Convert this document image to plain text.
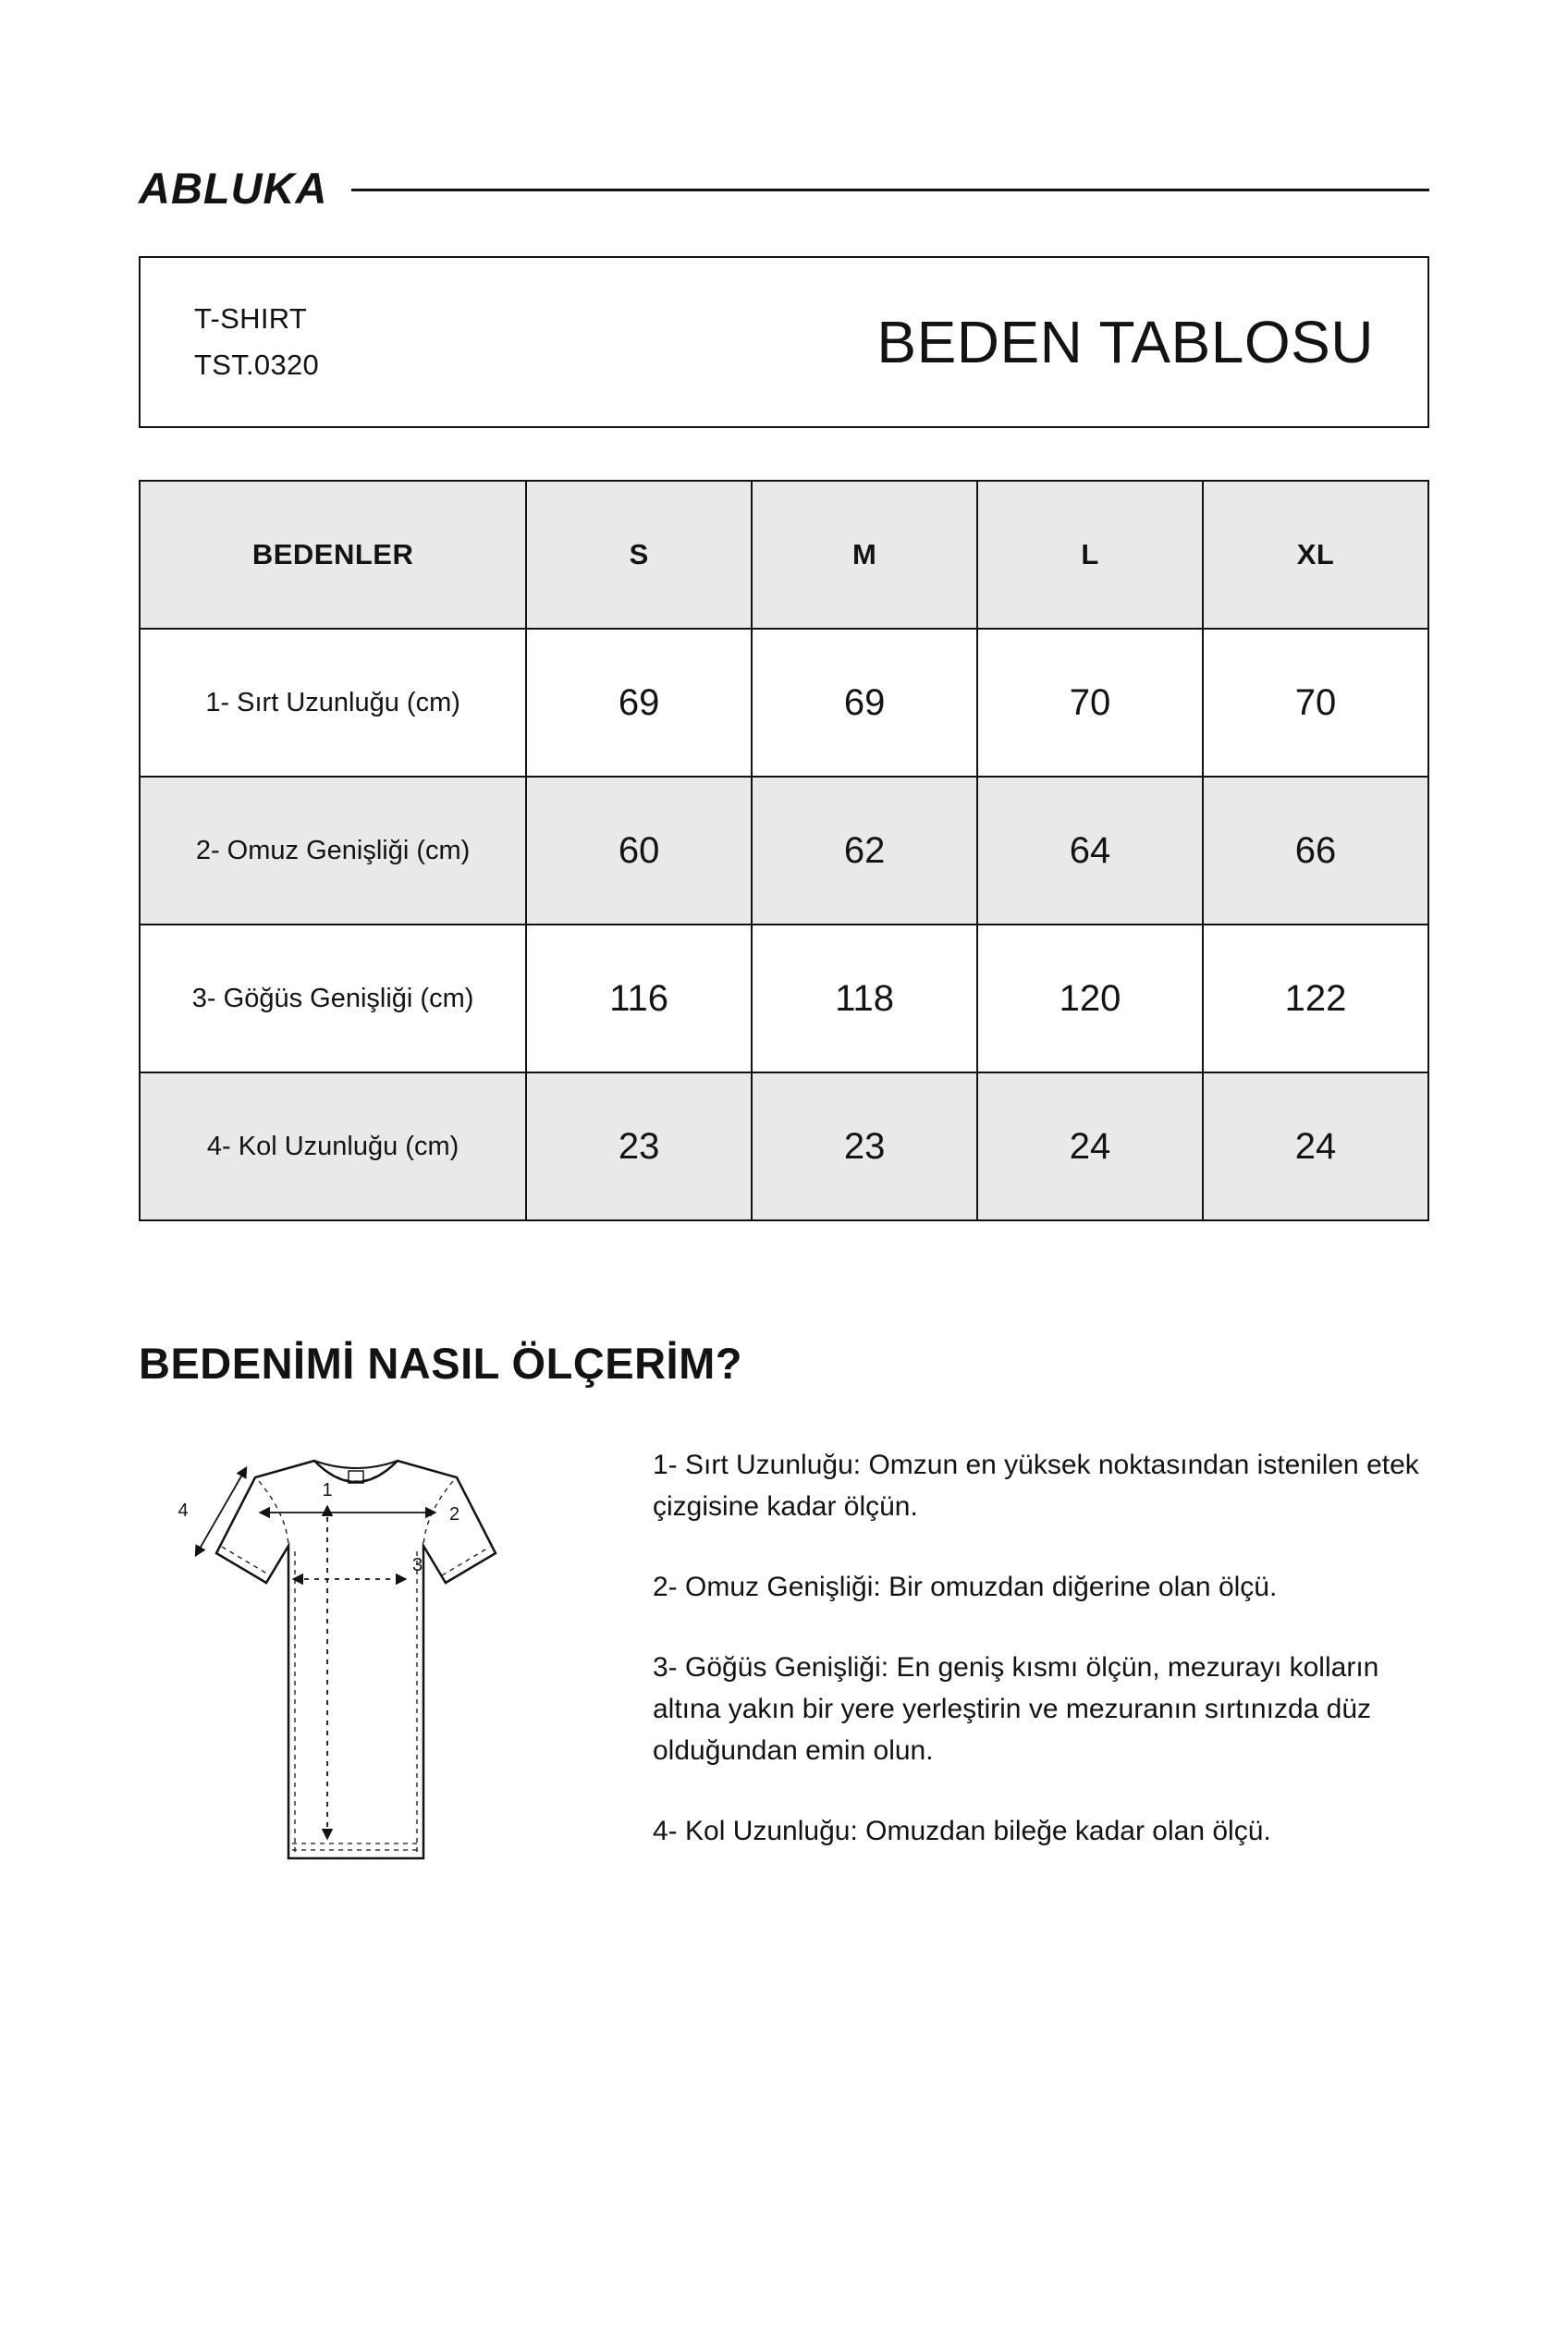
ABLUKA
T-SHIRT
TST.0320	BEDEN TABLOSU
BEDENLER	S	M	L	XL
1- Sırt Uzunluğu (cm)	69	69	70	70
2- Omuz Genişliği (cm)	60	62	64	66
3- Göğüs Genişliği (cm)	116	118	120	122
4- Kol Uzunluğu (cm)	23	23	24	24
BEDENİMİ NASIL ÖLÇERİM?
1
2
3
4

1- Sırt Uzunluğu: Omzun en yüksek noktasından istenilen etek çizgisine kadar ölçün.

2- Omuz Genişliği: Bir omuzdan diğerine olan ölçü.

3- Göğüs Genişliği: En geniş kısmı ölçün, mezurayı kolların altına yakın bir yere yerleştirin ve mezuranın sırtınızda düz olduğundan emin olun.

4- Kol Uzunluğu: Omuzdan bileğe kadar olan ölçü.
